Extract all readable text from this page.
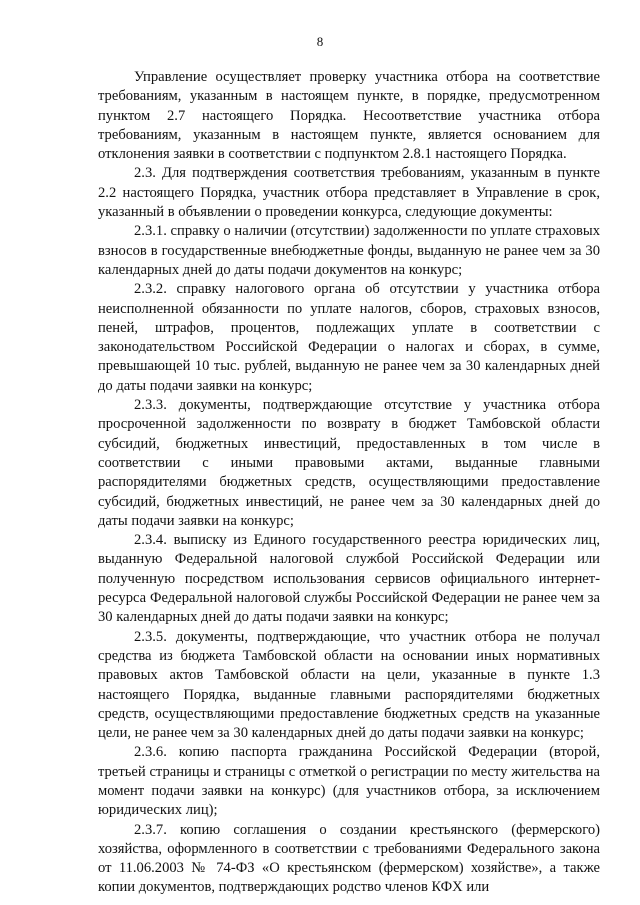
8

Управление осуществляет проверку участника отбора на соответствие требованиям, указанным в настоящем пункте, в порядке, предусмотренном пунктом 2.7 настоящего Порядка. Несоответствие участника отбора требованиям, указанным в настоящем пункте, является основанием для отклонения заявки в соответствии с подпунктом 2.8.1 настоящего Порядка.

2.3. Для подтверждения соответствия требованиям, указанным в пункте 2.2 настоящего Порядка, участник отбора представляет в Управление в срок, указанный в объявлении о проведении конкурса, следующие документы:

2.3.1. справку о наличии (отсутствии) задолженности по уплате страховых взносов в государственные внебюджетные фонды, выданную не ранее чем за 30 календарных дней до даты подачи документов на конкурс;

2.3.2. справку налогового органа об отсутствии у участника отбора неисполненной обязанности по уплате налогов, сборов, страховых взносов, пеней, штрафов, процентов, подлежащих уплате в соответствии с законодательством Российской Федерации о налогах и сборах, в сумме, превышающей 10 тыс. рублей, выданную не ранее чем за 30 календарных дней до даты подачи заявки на конкурс;

2.3.3. документы, подтверждающие отсутствие у участника отбора просроченной задолженности по возврату в бюджет Тамбовской области субсидий, бюджетных инвестиций, предоставленных в том числе в соответствии с иными правовыми актами, выданные главными распорядителями бюджетных средств, осуществляющими предоставление субсидий, бюджетных инвестиций, не ранее чем за 30 календарных дней до даты подачи заявки на конкурс;

2.3.4. выписку из Единого государственного реестра юридических лиц, выданную Федеральной налоговой службой Российской Федерации или полученную посредством использования сервисов официального интернет-ресурса Федеральной налоговой службы Российской Федерации не ранее чем за 30 календарных дней до даты подачи заявки на конкурс;

2.3.5. документы, подтверждающие, что участник отбора не получал средства из бюджета Тамбовской области на основании иных нормативных правовых актов Тамбовской области на цели, указанные в пункте 1.3 настоящего Порядка, выданные главными распорядителями бюджетных средств, осуществляющими предоставление бюджетных средств на указанные цели, не ранее чем за 30 календарных дней до даты подачи заявки на конкурс;

2.3.6. копию паспорта гражданина Российской Федерации (второй, третьей страницы и страницы с отметкой о регистрации по месту жительства на момент подачи заявки на конкурс) (для участников отбора, за исключением юридических лиц);

2.3.7. копию соглашения о создании крестьянского (фермерского) хозяйства, оформленного в соответствии с требованиями Федерального закона от 11.06.2003 № 74-ФЗ «О крестьянском (фермерском) хозяйстве», а также копии документов, подтверждающих родство членов КФХ или
